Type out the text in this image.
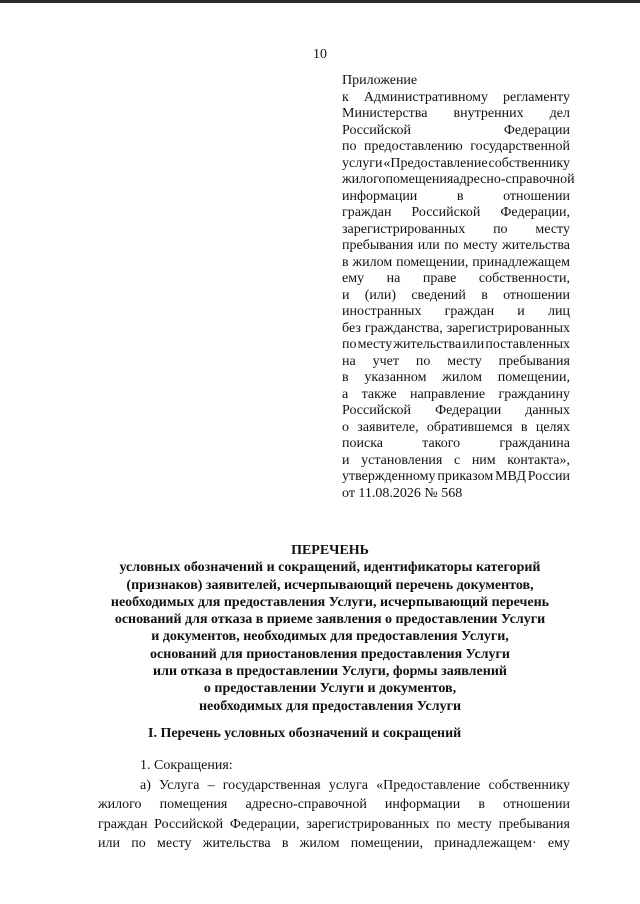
10
Приложение
к Административному регламенту
Министерства внутренних дел
Российской	Федерации
по предоставлению государственной
услуги «Предоставление собственнику
жилого помещения адресно-справочной
информации	в	отношении
граждан Российской Федерации,
зарегистрированных по месту
пребывания или по месту жительства
в жилом помещении, принадлежащем
ему на праве собственности,
и (или) сведений в отношении
иностранных граждан и лиц
без гражданства, зарегистрированных
по месту жительства или поставленных
на учет по месту пребывания
в указанном жилом помещении,
а также направление гражданину
Российской Федерации данных
о заявителе, обратившемся в целях
поиска	такого	гражданина
и установления с ним контакта»,
утвержденному приказом МВД России
от 11.08.2026 № 568
ПЕРЕЧЕНЬ
условных обозначений и сокращений, идентификаторы категорий
(признаков) заявителей, исчерпывающий перечень документов,
необходимых для предоставления Услуги, исчерпывающий перечень
оснований для отказа в приеме заявления о предоставлении Услуги
и документов, необходимых для предоставления Услуги,
оснований для приостановления предоставления Услуги
или отказа в предоставлении Услуги, формы заявлений
о предоставлении Услуги и документов,
необходимых для предоставления Услуги
I. Перечень условных обозначений и сокращений
1. Сокращения:
а) Услуга – государственная услуга «Предоставление собственнику
жилого помещения адресно-справочной информации в отношении
граждан Российской Федерации, зарегистрированных по месту пребывания
или по месту жительства в жилом помещении, принадлежащем· ему
